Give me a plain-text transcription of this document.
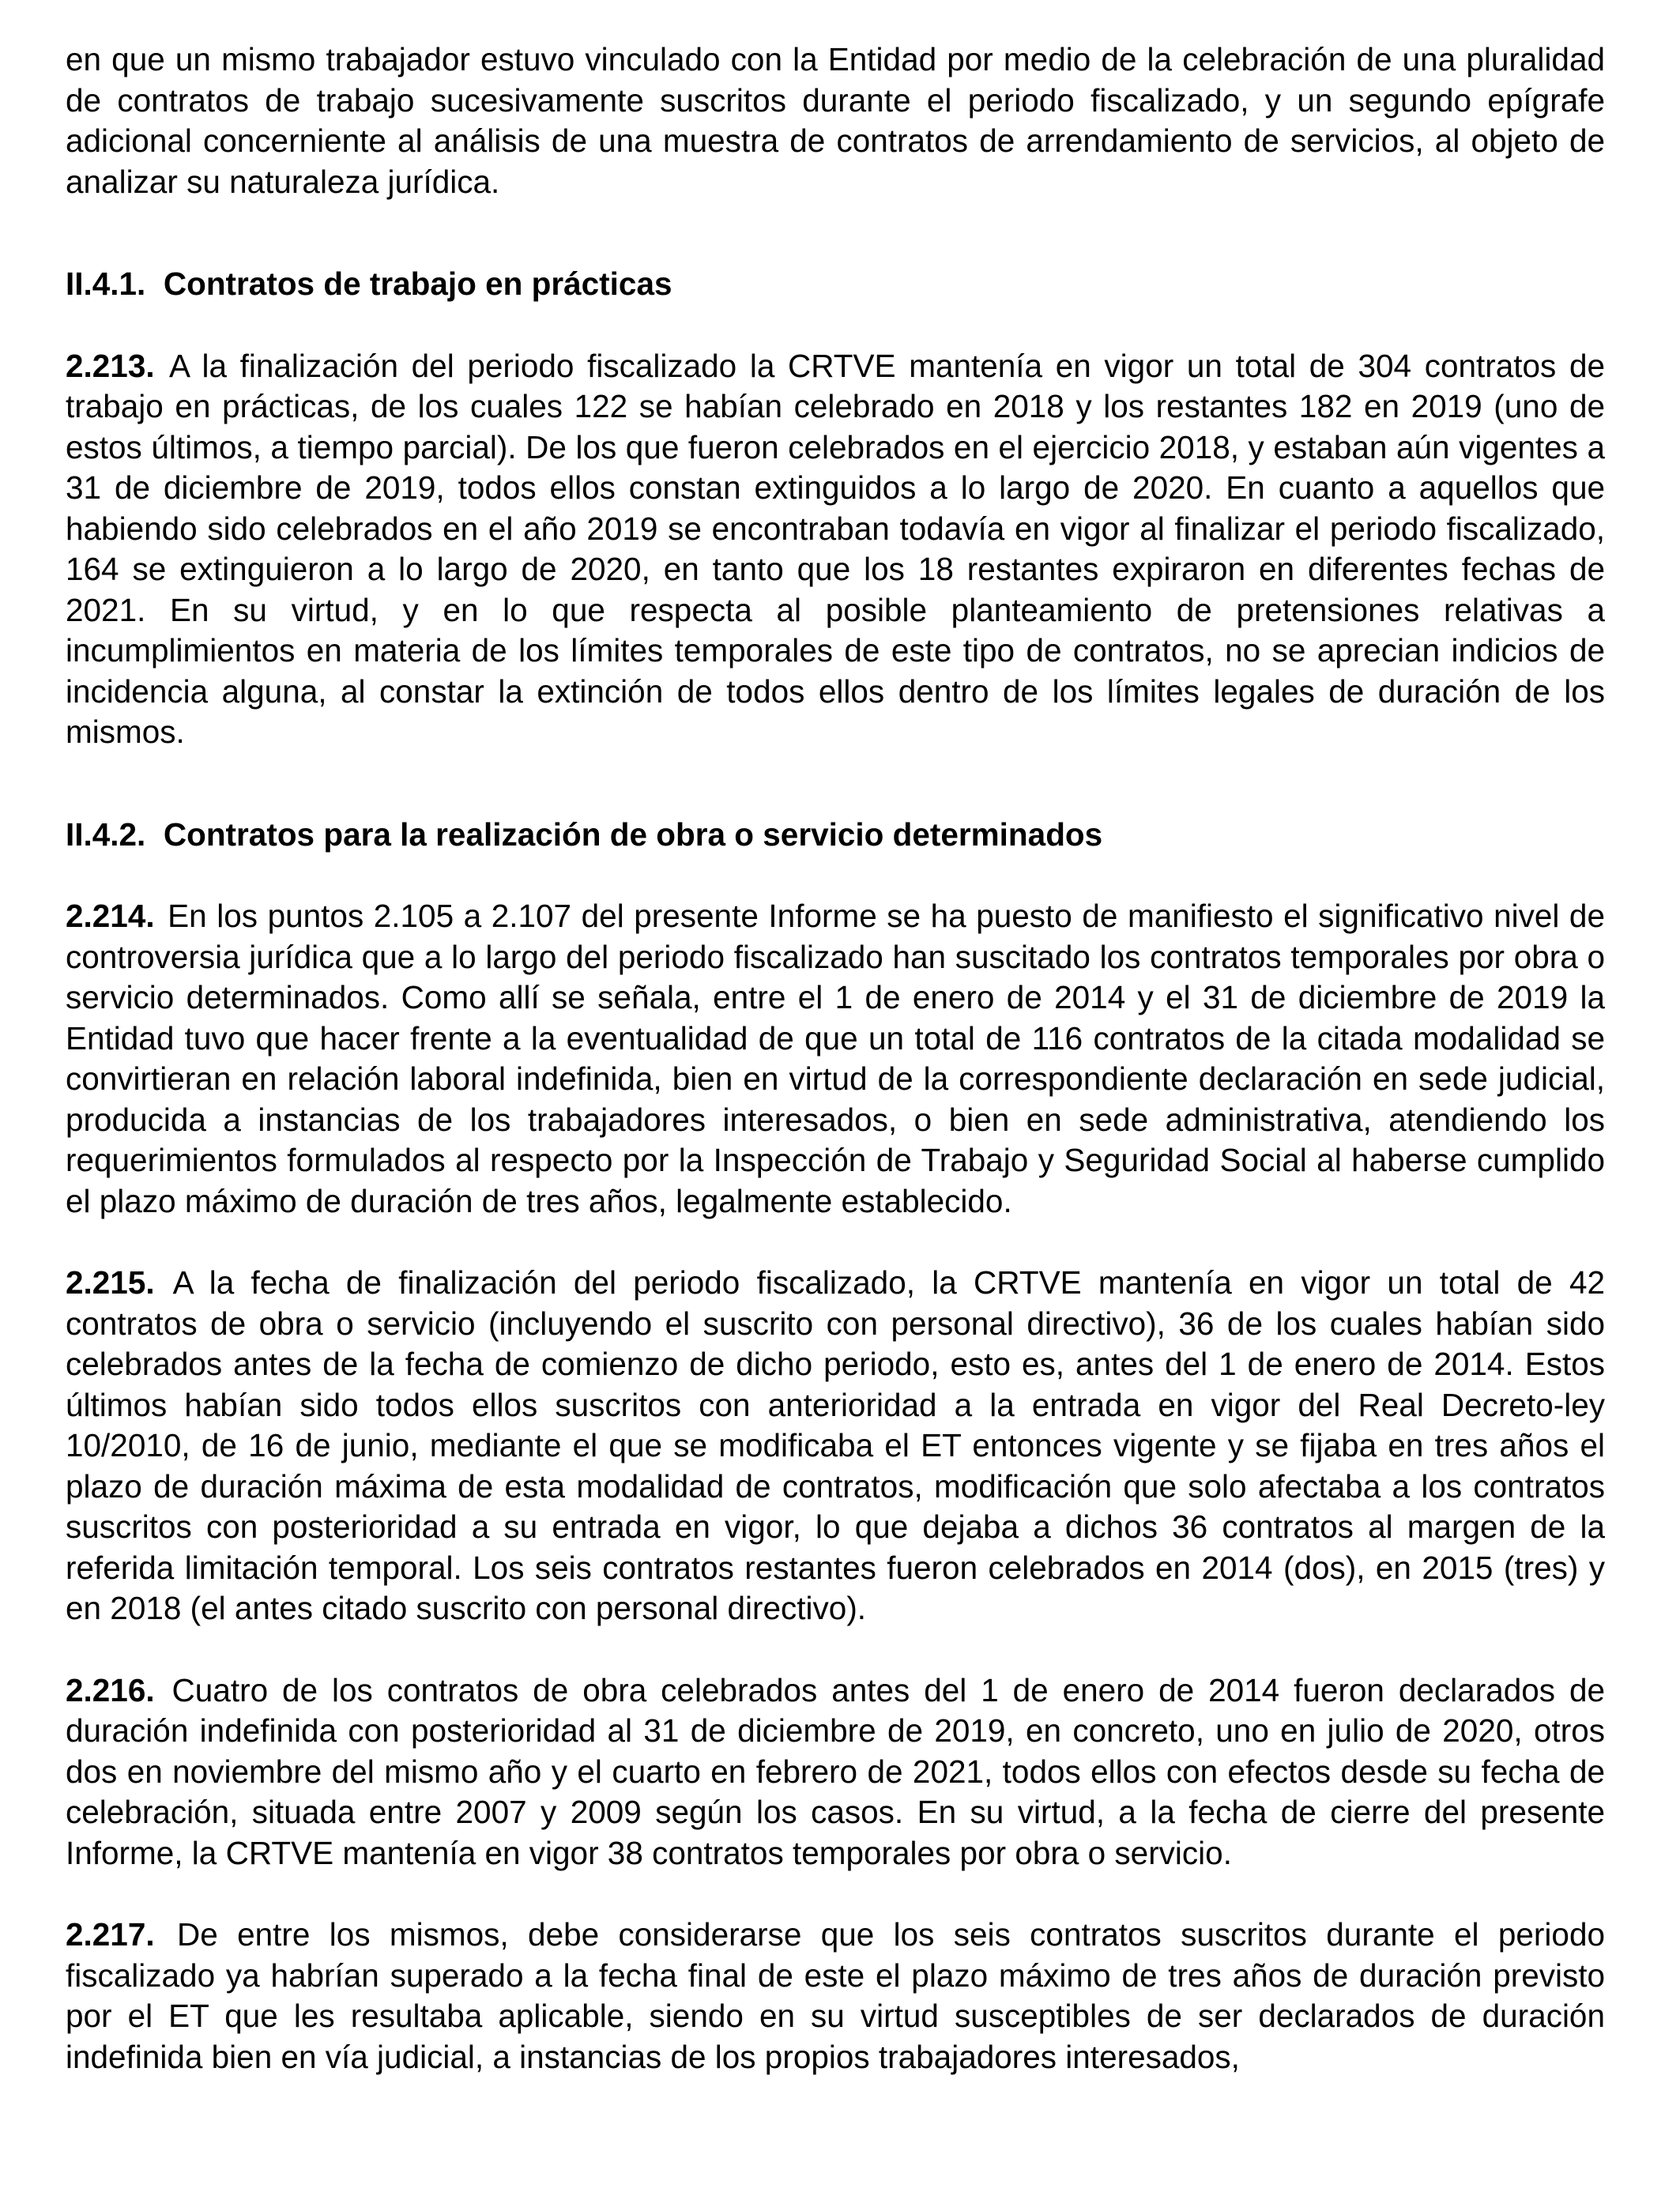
en que un mismo trabajador estuvo vinculado con la Entidad por medio de la celebración de una pluralidad de contratos de trabajo sucesivamente suscritos durante el periodo fiscalizado, y un segundo epígrafe adicional concerniente al análisis de una muestra de contratos de arrendamiento de servicios, al objeto de analizar su naturaleza jurídica.

II.4.1. Contratos de trabajo en prácticas

2.213. A la finalización del periodo fiscalizado la CRTVE mantenía en vigor un total de 304 contratos de trabajo en prácticas, de los cuales 122 se habían celebrado en 2018 y los restantes 182 en 2019 (uno de estos últimos, a tiempo parcial). De los que fueron celebrados en el ejercicio 2018, y estaban aún vigentes a 31 de diciembre de 2019, todos ellos constan extinguidos a lo largo de 2020. En cuanto a aquellos que habiendo sido celebrados en el año 2019 se encontraban todavía en vigor al finalizar el periodo fiscalizado, 164 se extinguieron a lo largo de 2020, en tanto que los 18 restantes expiraron en diferentes fechas de 2021. En su virtud, y en lo que respecta al posible planteamiento de pretensiones relativas a incumplimientos en materia de los límites temporales de este tipo de contratos, no se aprecian indicios de incidencia alguna, al constar la extinción de todos ellos dentro de los límites legales de duración de los mismos.

II.4.2. Contratos para la realización de obra o servicio determinados

2.214. En los puntos 2.105 a 2.107 del presente Informe se ha puesto de manifiesto el significativo nivel de controversia jurídica que a lo largo del periodo fiscalizado han suscitado los contratos temporales por obra o servicio determinados. Como allí se señala, entre el 1 de enero de 2014 y el 31 de diciembre de 2019 la Entidad tuvo que hacer frente a la eventualidad de que un total de 116 contratos de la citada modalidad se convirtieran en relación laboral indefinida, bien en virtud de la correspondiente declaración en sede judicial, producida a instancias de los trabajadores interesados, o bien en sede administrativa, atendiendo los requerimientos formulados al respecto por la Inspección de Trabajo y Seguridad Social al haberse cumplido el plazo máximo de duración de tres años, legalmente establecido.

2.215. A la fecha de finalización del periodo fiscalizado, la CRTVE mantenía en vigor un total de 42 contratos de obra o servicio (incluyendo el suscrito con personal directivo), 36 de los cuales habían sido celebrados antes de la fecha de comienzo de dicho periodo, esto es, antes del 1 de enero de 2014. Estos últimos habían sido todos ellos suscritos con anterioridad a la entrada en vigor del Real Decreto-ley 10/2010, de 16 de junio, mediante el que se modificaba el ET entonces vigente y se fijaba en tres años el plazo de duración máxima de esta modalidad de contratos, modificación que solo afectaba a los contratos suscritos con posterioridad a su entrada en vigor, lo que dejaba a dichos 36 contratos al margen de la referida limitación temporal. Los seis contratos restantes fueron celebrados en 2014 (dos), en 2015 (tres) y en 2018 (el antes citado suscrito con personal directivo).

2.216. Cuatro de los contratos de obra celebrados antes del 1 de enero de 2014 fueron declarados de duración indefinida con posterioridad al 31 de diciembre de 2019, en concreto, uno en julio de 2020, otros dos en noviembre del mismo año y el cuarto en febrero de 2021, todos ellos con efectos desde su fecha de celebración, situada entre 2007 y 2009 según los casos. En su virtud, a la fecha de cierre del presente Informe, la CRTVE mantenía en vigor 38 contratos temporales por obra o servicio.

2.217. De entre los mismos, debe considerarse que los seis contratos suscritos durante el periodo fiscalizado ya habrían superado a la fecha final de este el plazo máximo de tres años de duración previsto por el ET que les resultaba aplicable, siendo en su virtud susceptibles de ser declarados de duración indefinida bien en vía judicial, a instancias de los propios trabajadores interesados,
